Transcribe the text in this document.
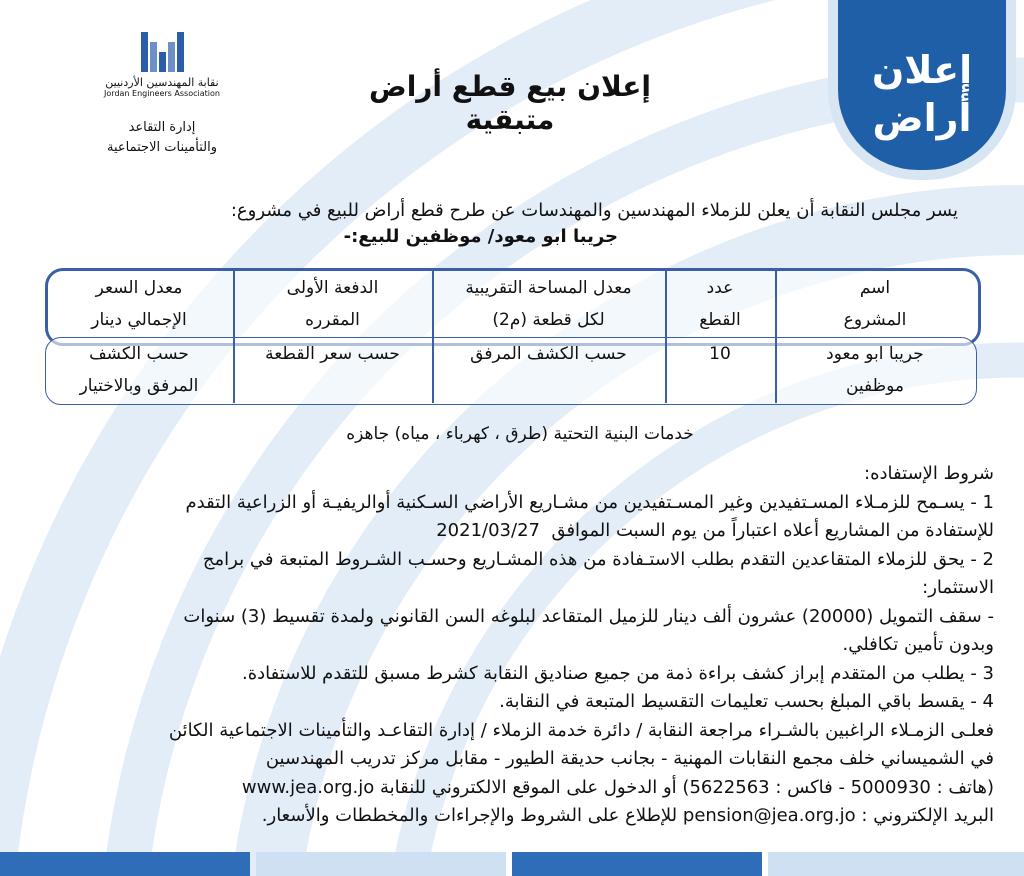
إعلان
أراض
إعلان بيع قطع أراض متبقية
نقابة المهندسين الأردنيين
Jordan Engineers Association
إدارة التقاعد
والتأمينات الاجتماعية
يسر مجلس النقابة أن يعلن للزملاء المهندسين والمهندسات عن طرح قطع أراض للبيع في مشروع:
جريبا ابو معود/ موظفين للبيع:-
اسم
المشروع
عدد
القطع
معدل المساحة التقريبية
لكل قطعة (م2)
الدفعة الأولى
المقرره
معدل السعر
الإجمالي دينار
جريبا ابو معود
موظفين
10
حسب الكشف المرفق
حسب سعر القطعة
حسب الكشف
المرفق وبالاختيار
خدمات البنية التحتية (طرق ، كهرباء ، مياه) جاهزه

شروط الإستفاده:

1 - يسـمح للزمـلاء المسـتفيدين وغير المسـتفيدين من مشـاريع الأراضي السـكنية أوالريفيـة أو الزراعية التقدم

للإستفادة من المشاريع أعلاه اعتباراً من يوم السبت الموافق  2021/03/27

2 - يحق للزملاء المتقاعدين التقدم بطلب الاستـفادة من هذه المشـاريع وحسـب الشـروط المتبعة في برامج

الاستثمار:

- سقف التمويل (20000) عشرون ألف دينار للزميل المتقاعد لبلوغه السن القانوني ولمدة تقسيط (3) سنوات

وبدون تأمين تكافلي.

3 - يطلب من المتقدم إبراز كشف براءة ذمة من جميع صناديق النقابة كشرط مسبق للتقدم للاستفادة.

4 - يقسط باقي المبلغ بحسب تعليمات التقسيط المتبعة في النقابة.

فعلـى الزمـلاء الراغبين بالشـراء مراجعة النقابة / دائرة خدمة الزملاء / إدارة التقاعـد والتأمينات الاجتماعية الكائن

في الشميساني خلف مجمع النقابات المهنية - بجانب حديقة الطيور - مقابل مركز تدريب المهندسين

(هاتف : 5000930 - فاكس : 5622563) أو الدخول على الموقع الالكتروني للنقابة www.jea.org.jo

البريد الإلكتروني : pension@jea.org.jo للإطلاع على الشروط والإجراءات والمخططات والأسعار.
